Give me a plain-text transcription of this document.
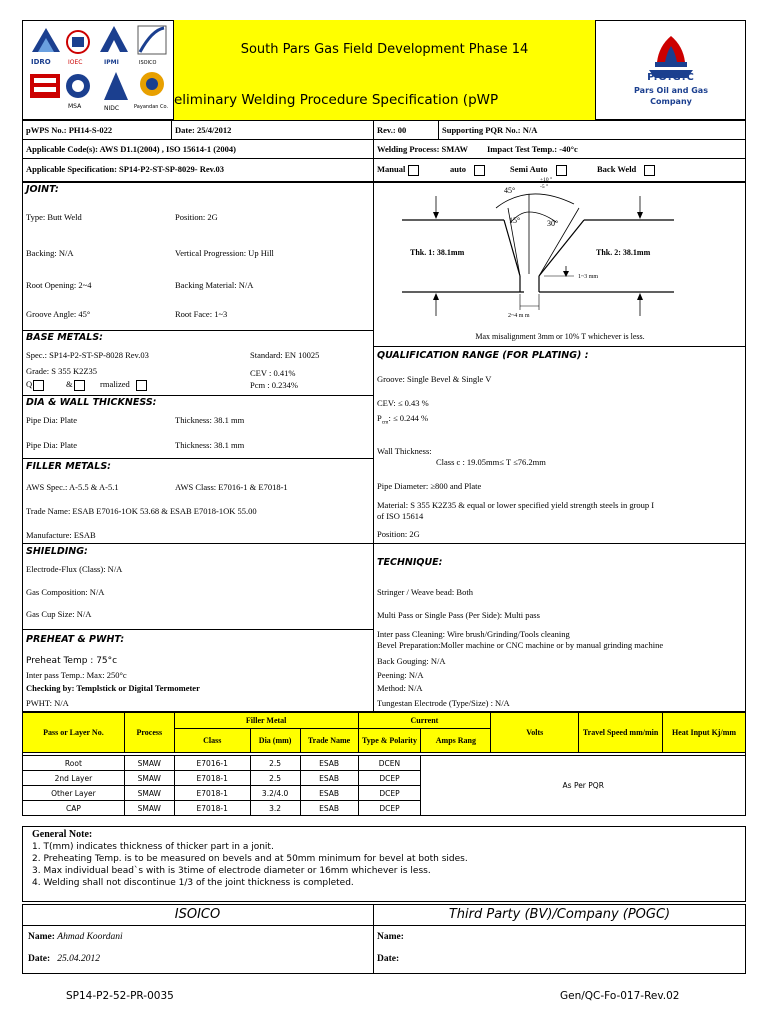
South Pars Gas Field Development Phase 14
eliminary Welding Procedure Specification (pWP
IDRO	IOEC	IPMI	ISOICO
MSA	NIDC	Payandan Co.
P.O.G.C
Pars Oil and Gas
Company
pWPS No.: PH14-S-022	Date: 25/4/2012	Rev.: 00	Supporting PQR No.: N/A
Applicable Code(s): AWS D1.1(2004) , ISO 15614-1 (2004)	Welding Process: SMAW Impact Test Temp.: -40°c
Applicable Specification: SP14-P2-ST-SP-8029- Rev.03	Manual	auto	Semi Auto	Back Weld
JOINT:
Type: Butt Weld	Position: 2G
Backing: N/A	Vertical Progression: Up Hill
Root Opening: 2~4	Backing Material: N/A
Groove Angle: 45°	Root Face: 1~3
45°
+10 °
-5 °
15°	30°
Thk. 1: 38.1mm	Thk. 2: 38.1mm
1~3 mm
2~4 m m
Max misalignment 3mm or 10% T whichever is less.
BASE METALS:
Spec.: SP14-P2-ST-SP-8028 Rev.03	Standard: EN 10025
Grade: S 355 K2Z35	CEV : 0.41%
Q	&	rmalized	Pcm : 0.234%
DIA & WALL THICKNESS:
Pipe Dia: Plate	Thickness: 38.1 mm
Pipe Dia: Plate	Thickness: 38.1 mm
FILLER METALS:
AWS Spec.: A-5.5 & A-5.1	AWS Class: E7016-1 & E7018-1
Trade Name: ESAB E7016-1OK 53.68 & ESAB E7018-1OK 55.00
Manufacture: ESAB
QUALIFICATION RANGE (FOR PLATING) :
Groove: Single Bevel & Single V
CEV: ≤ 0.43 %
$P_{cm}$: ≤ 0.244 %
Wall Thickness:
Class c : 19.05mm≤ T ≤76.2mm
Pipe Diameter: ≥800 and Plate
Material: S 355 K2Z35 & equal or lower specified yield strength steels in group I
of ISO 15614
Position: 2G
SHIELDING:
Electrode-Flux (Class): N/A
Gas Composition: N/A
Gas Cup Size: N/A
TECHNIQUE:
Stringer / Weave bead: Both
Multi Pass or Single Pass (Per Side): Multi pass
Inter pass Cleaning: Wire brush/Grinding/Tools cleaning
Bevel Preparation:Moller machine or CNC machine or by manual grinding machine
Back Gouging: N/A
Peening: N/A
Method: N/A
Tungestan Electrode (Type/Size) : N/A
PREHEAT & PWHT:
Preheat Temp : 75°c
Inter pass Temp.: Max: 250°c
Checking by: Templstick or Digital Termometer
PWHT: N/A
Pass or Layer No.	Process	Filler Metal			Current		Volts	Travel Speed mm/min	Heat Input Kj/mm
		Class	Dia (mm)	Trade Name	Type & Polarity	Amps Rang			

Root	SMAW	E7016-1	2.5	ESAB	DCEN	As Per PQR			
2nd Layer	SMAW	E7018-1	2.5	ESAB	DCEP				
Other Layer	SMAW	E7018-1	3.2/4.0	ESAB	DCEP				
CAP	SMAW	E7018-1	3.2	ESAB	DCEP				
General Note:
1. T(mm) indicates thickness of thicker part in a jonit.
2. Preheating Temp. is to be measured on bevels and at 50mm minimum for bevel at both sides.
3. Max individual bead`s with is 3time of electrode diameter or 16mm whichever is less.
4. Welding shall not discontinue 1/3 of the joint thickness is completed.
ISOICO	Third Party (BV)/Company (POGC)
Name: Ahmad Koordani
Date: 25.04.2012
Name:
Date:
SP14-P2-52-PR-0035	Gen/QC-Fo-017-Rev.02
